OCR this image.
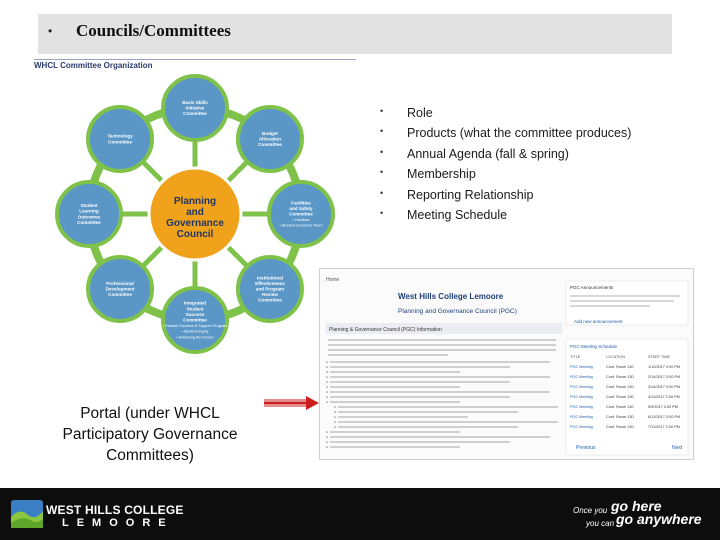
• Councils/Committees
WHCL Committee Organization
Basic Skills Initiative Committee
Budget Allocation Committee
Facilities and Safety Committee • Facilities • Student Concerns Team
Institutional Effectiveness and Program Review Committee
Integrated Student Success Committee • Student Success & Support Program • Student Equity • Achieving the Dream
Professional Development Committee
Student Learning Outcomes Committee
Technology Committee
Planning and Governance Council
• Role
• Products (what the committee produces)
• Annual Agenda (fall & spring)
• Membership
• Reporting Relationship
• Meeting Schedule
Portal (under WHCL
Participatory Governance
Committees)
Home
West Hills College Lemoore
Planning and Governance Council (PGC)
Planning & Governance Council (PGC) Information
PGC Announcements
Add new announcement
PGC Meeting Schedule
TITLE	LOCATION	START TIME
PGC Meeting	Conf. Room 130	1/10/2017 2:00 PM
PGC Meeting	Conf. Room 130	2/14/2017 2:00 PM
PGC Meeting	Conf. Room 130	3/14/2017 2:00 PM
PGC Meeting	Conf. Room 130	4/11/2017 2:00 PM
PGC Meeting	Conf. Room 130	5/9/2017 2:00 PM
PGC Meeting	Conf. Room 130	6/13/2017 2:00 PM
PGC Meeting	Conf. Room 130	7/11/2017 2:00 PM
Previous	Next
WEST HILLS COLLEGE
LEMOORE
Once you go here
you can go anywhere
